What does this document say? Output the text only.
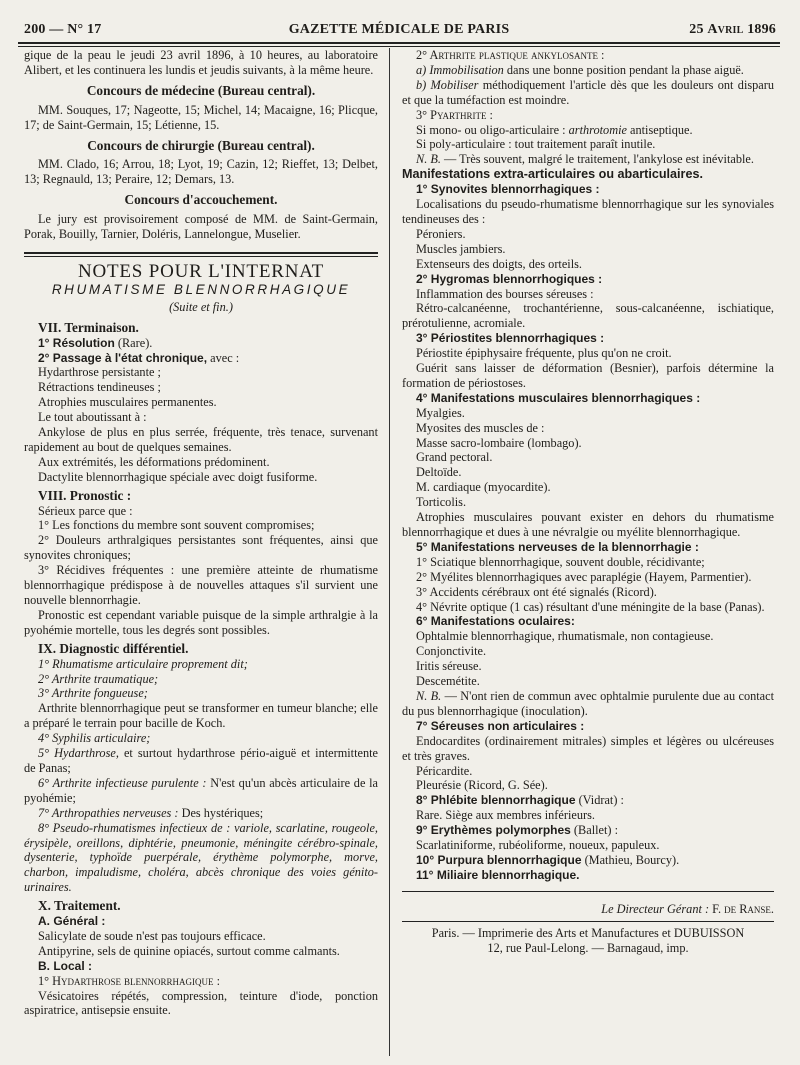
200 — N° 17	GAZETTE MÉDICALE DE PARIS	25 Avril 1896

gique de la peau le jeudi 23 avril 1896, à 10 heures, au laboratoire Alibert, et les continuera les lundis et jeudis suivants, à la même heure.

Concours de médecine (Bureau central).

MM. Souques, 17; Nageotte, 15; Michel, 14; Macaigne, 16; Plicque, 17; de Saint-Germain, 15; Létienne, 15.

Concours de chirurgie (Bureau central).

MM. Clado, 16; Arrou, 18; Lyot, 19; Cazin, 12; Rieffet, 13; Delbet, 13; Regnauld, 13; Peraire, 12; Demars, 13.

Concours d'accouchement.

Le jury est provisoirement composé de MM. de Saint-Germain, Porak, Bouilly, Tarnier, Doléris, Lannelongue, Muselier.

NOTES POUR L'INTERNAT

RHUMATISME BLENNORRHAGIQUE

(Suite et fin.)

VII. Terminaison.

1° Résolution (Rare).

2° Passage à l'état chronique, avec :

Hydarthrose persistante ;

Rétractions tendineuses ;

Atrophies musculaires permanentes.

Le tout aboutissant à :

Ankylose de plus en plus serrée, fréquente, très tenace, survenant rapidement au bout de quelques semaines.

Aux extrémités, les déformations prédominent.

Dactylite blennorrhagique spéciale avec doigt fusiforme.

VIII. Pronostic :

Sérieux parce que :

1° Les fonctions du membre sont souvent compromises;

2° Douleurs arthralgiques persistantes sont fréquentes, ainsi que synovites chroniques;

3° Récidives fréquentes : une première atteinte de rhumatisme blennorrhagique prédispose à de nouvelles attaques s'il survient une nouvelle blennorrhagie.

Pronostic est cependant variable puisque de la simple arthralgie à la pyohémie mortelle, tous les degrés sont possibles.

IX. Diagnostic différentiel.

1° Rhumatisme articulaire proprement dit;

2° Arthrite traumatique;

3° Arthrite fongueuse;

Arthrite blennorrhagique peut se transformer en tumeur blanche; elle a préparé le terrain pour bacille de Koch.

4° Syphilis articulaire;

5° Hydarthrose, et surtout hydarthrose pério-aiguë et intermittente de Panas;

6° Arthrite infectieuse purulente : N'est qu'un abcès articulaire de la pyohémie;

7° Arthropathies nerveuses : Des hystériques;

8° Pseudo-rhumatismes infectieux de : variole, scarlatine, rougeole, érysipèle, oreillons, diphtérie, pneumonie, méningite cérébro-spinale, dysenterie, typhoïde puerpérale, érythème polymorphe, morve, charbon, impaludisme, choléra, abcès chronique des voies génito-urinaires.

X. Traitement.

A. Général :

Salicylate de soude n'est pas toujours efficace.

Antipyrine, sels de quinine opiacés, surtout comme calmants.

B. Local :

1° Hydarthrose blennorrhagique :

Vésicatoires répétés, compression, teinture d'iode, ponction aspiratrice, antisepsie ensuite.

2° Arthrite plastique ankylosante :

a) Immobilisation dans une bonne position pendant la phase aiguë.

b) Mobiliser méthodiquement l'article dès que les douleurs ont disparu et que la tuméfaction est moindre.

3° Pyarthrite :

Si mono- ou oligo-articulaire : arthrotomie antiseptique.

Si poly-articulaire : tout traitement paraît inutile.

N. B. — Très souvent, malgré le traitement, l'ankylose est inévitable.

Manifestations extra-articulaires ou abarticulaires.

1° Synovites blennorrhagiques :

Localisations du pseudo-rhumatisme blennorrhagique sur les synoviales tendineuses des :

Péroniers.

Muscles jambiers.

Extenseurs des doigts, des orteils.

2° Hygromas blennorrhogiques :

Inflammation des bourses séreuses :

Rétro-calcanéenne, trochantérienne, sous-calcanéenne, ischiatique, prérotulienne, acromiale.

3° Périostites blennorrhagiques :

Périostite épiphysaire fréquente, plus qu'on ne croit.

Guérit sans laisser de déformation (Besnier), parfois détermine la formation de périostoses.

4° Manifestations musculaires blennorrhagiques :

Myalgies.

Myosites des muscles de :

Masse sacro-lombaire (lombago).

Grand pectoral.

Deltoïde.

M. cardiaque (myocardite).

Torticolis.

Atrophies musculaires pouvant exister en dehors du rhumatisme blennorrhagique et dues à une névralgie ou myélite blennorrhagique.

5° Manifestations nerveuses de la blennorrhagie :

1° Sciatique blennorrhagique, souvent double, récidivante;

2° Myélites blennorrhagiques avec paraplégie (Hayem, Parmentier).

3° Accidents cérébraux ont été signalés (Ricord).

4° Névrite optique (1 cas) résultant d'une méningite de la base (Panas).

6° Manifestations oculaires:

Ophtalmie blennorrhagique, rhumatismale, non contagieuse.

Conjonctivite.

Iritis séreuse.

Descemétite.

N. B. — N'ont rien de commun avec ophtalmie purulente due au contact du pus blennorrhagique (inoculation).

7° Séreuses non articulaires :

Endocardites (ordinairement mitrales) simples et légères ou ulcéreuses et très graves.

Péricardite.

Pleurésie (Ricord, G. Sée).

8° Phlébite blennorrhagique (Vidrat) :

Rare. Siège aux membres inférieurs.

9° Erythèmes polymorphes (Ballet) :

Scarlatiniforme, rubéoliforme, noueux, papuleux.

10° Purpura blennorrhagique (Mathieu, Bourcy).

11° Miliaire blennorrhagique.

Le Directeur Gérant : F. de Ranse.

Paris. — Imprimerie des Arts et Manufactures et DUBUISSON

12, rue Paul-Lelong. — Barnagaud, imp.
